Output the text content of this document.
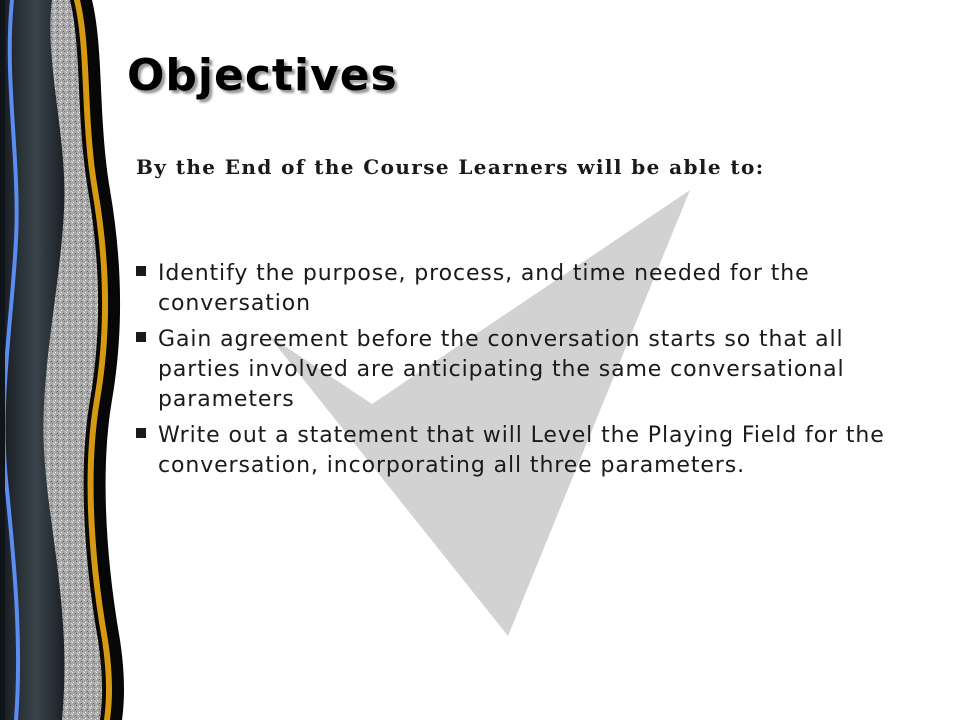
Objectives

By the End of the Course Learners will be able to:

Identify the purpose, process, and time needed for the conversation
Gain agreement before the conversation starts so that all parties involved are anticipating the same conversational parameters
Write out a statement that will Level the Playing Field for the conversation, incorporating all three parameters.
